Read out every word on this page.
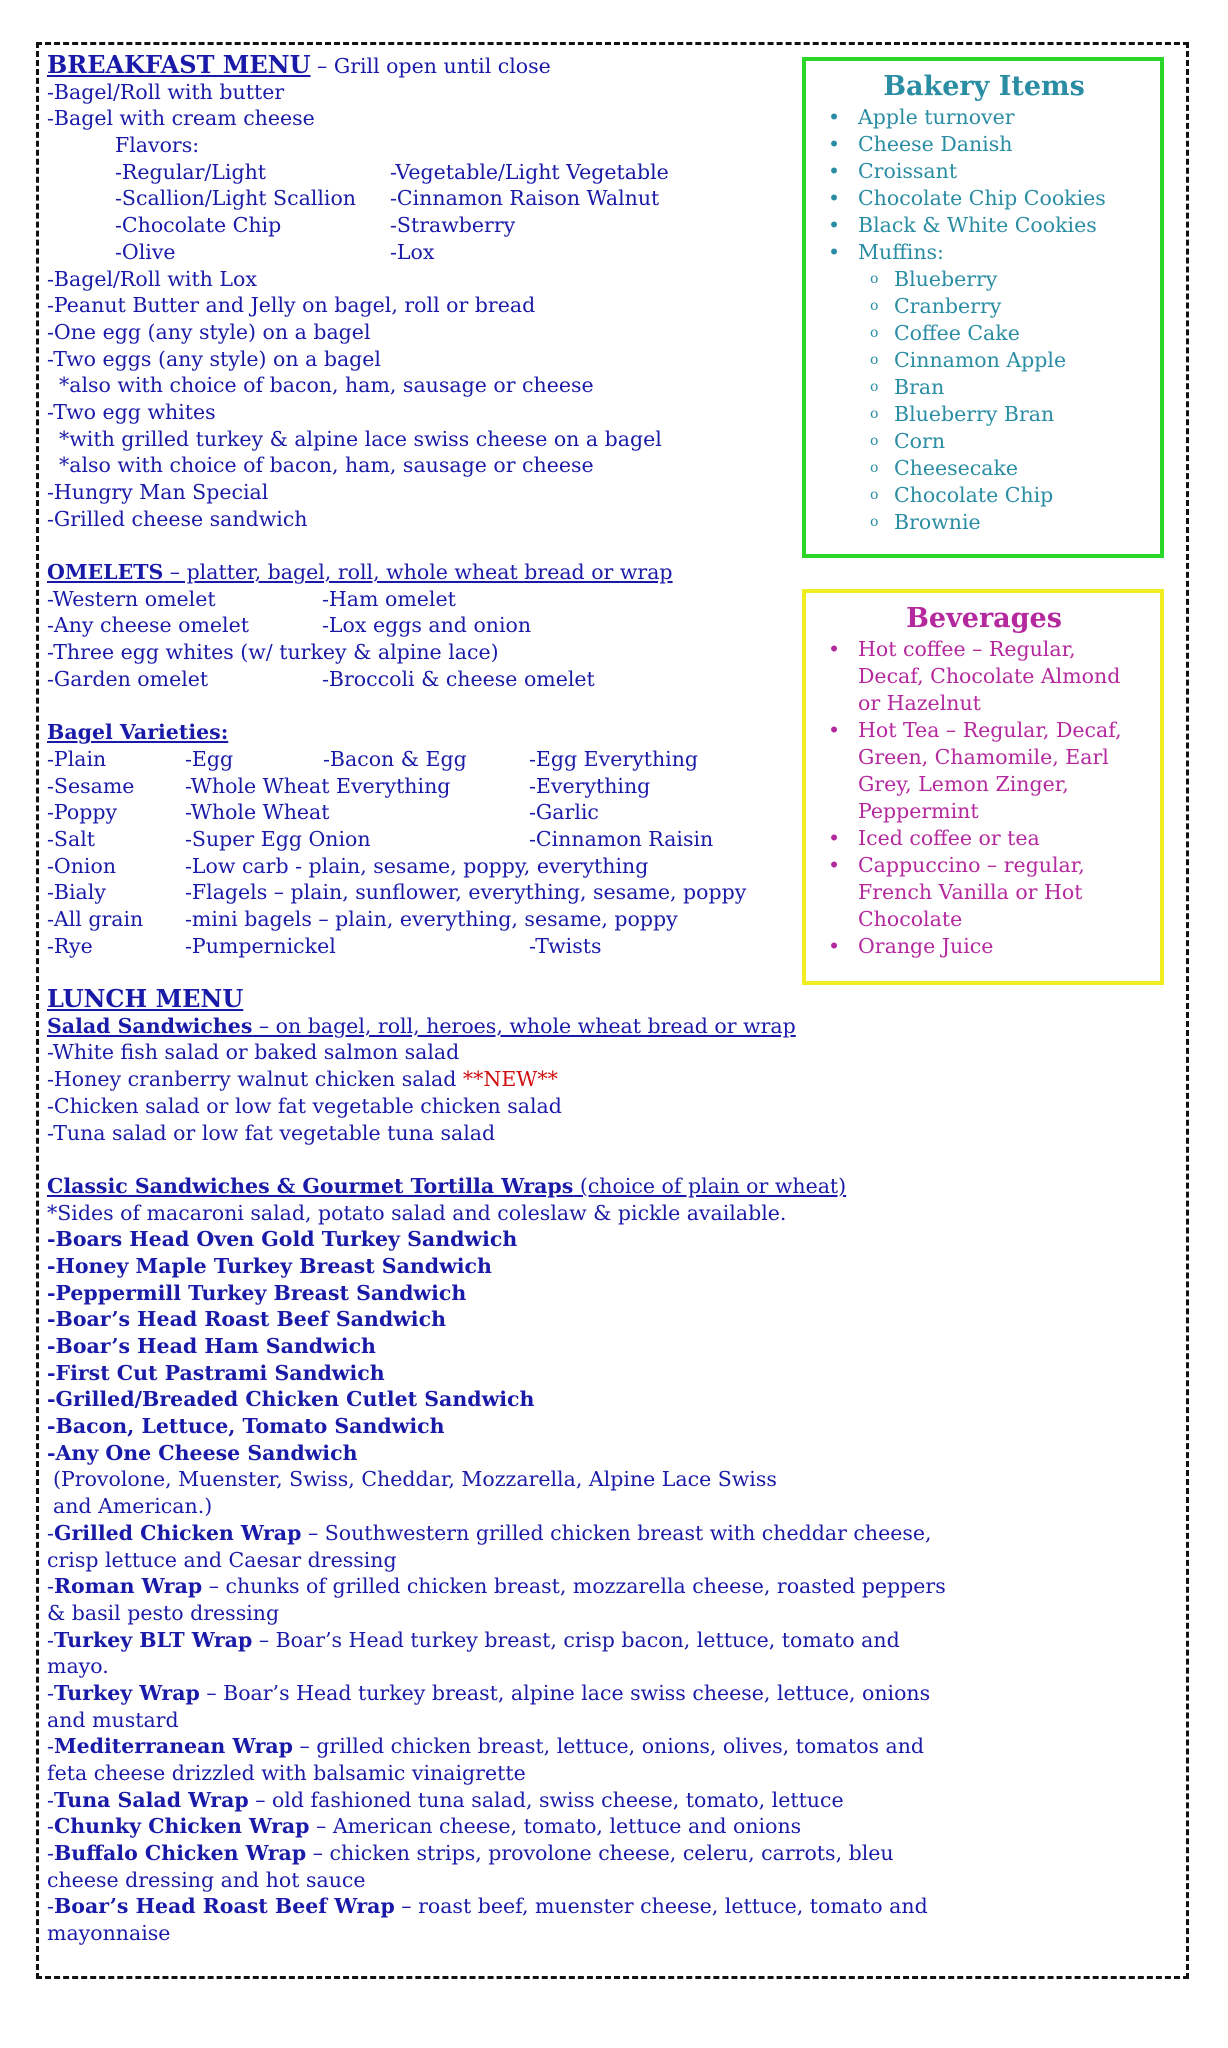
BREAKFAST MENU – Grill open until close
-Bagel/Roll with butter
-Bagel with cream cheese
Flavors:
-Regular/Light	-Vegetable/Light Vegetable
-Scallion/Light Scallion	-Cinnamon Raison Walnut
-Chocolate Chip	-Strawberry
-Olive	-Lox
-Bagel/Roll with Lox
-Peanut Butter and Jelly on bagel, roll or bread
-One egg (any style) on a bagel
-Two eggs (any style) on a bagel
*also with choice of bacon, ham, sausage or cheese
-Two egg whites
*with grilled turkey & alpine lace swiss cheese on a bagel
*also with choice of bacon, ham, sausage or cheese
-Hungry Man Special
-Grilled cheese sandwich
OMELETS – platter, bagel, roll, whole wheat bread or wrap
-Western omelet	-Ham omelet
-Any cheese omelet	-Lox eggs and onion
-Three egg whites (w/ turkey & alpine lace)
-Garden omelet	-Broccoli & cheese omelet
Bagel Varieties:
-Plain	-Egg	-Bacon & Egg	-Egg Everything
-Sesame	-Whole Wheat Everything	-Everything
-Poppy	-Whole Wheat	-Garlic
-Salt	-Super Egg Onion	-Cinnamon Raisin
-Onion	-Low carb - plain, sesame, poppy, everything
-Bialy	-Flagels – plain, sunflower, everything, sesame, poppy
-All grain	-mini bagels – plain, everything, sesame, poppy
-Rye	-Pumpernickel	-Twists
LUNCH MENU
Salad Sandwiches – on bagel, roll, heroes, whole wheat bread or wrap
-White fish salad or baked salmon salad
-Honey cranberry walnut chicken salad **NEW**
-Chicken salad or low fat vegetable chicken salad
-Tuna salad or low fat vegetable tuna salad
Classic Sandwiches & Gourmet Tortilla Wraps (choice of plain or wheat)
*Sides of macaroni salad, potato salad and coleslaw & pickle available.
-Boars Head Oven Gold Turkey Sandwich
-Honey Maple Turkey Breast Sandwich
-Peppermill Turkey Breast Sandwich
-Boar’s Head Roast Beef Sandwich
-Boar’s Head Ham Sandwich
-First Cut Pastrami Sandwich
-Grilled/Breaded Chicken Cutlet Sandwich
-Bacon, Lettuce, Tomato Sandwich
-Any One Cheese Sandwich
(Provolone, Muenster, Swiss, Cheddar, Mozzarella, Alpine Lace Swiss
and American.)
-Grilled Chicken Wrap – Southwestern grilled chicken breast with cheddar cheese,
crisp lettuce and Caesar dressing
-Roman Wrap – chunks of grilled chicken breast, mozzarella cheese, roasted peppers
& basil pesto dressing
-Turkey BLT Wrap – Boar’s Head turkey breast, crisp bacon, lettuce, tomato and
mayo.
-Turkey Wrap – Boar’s Head turkey breast, alpine lace swiss cheese, lettuce, onions
and mustard
-Mediterranean Wrap – grilled chicken breast, lettuce, onions, olives, tomatos and
feta cheese drizzled with balsamic vinaigrette
-Tuna Salad Wrap – old fashioned tuna salad, swiss cheese, tomato, lettuce
-Chunky Chicken Wrap – American cheese, tomato, lettuce and onions
-Buffalo Chicken Wrap – chicken strips, provolone cheese, celeru, carrots, bleu
cheese dressing and hot sauce
-Boar’s Head Roast Beef Wrap – roast beef, muenster cheese, lettuce, tomato and
mayonnaise
Bakery Items
• Apple turnover
• Cheese Danish
• Croissant
• Chocolate Chip Cookies
• Black & White Cookies
• Muffins:
o Blueberry
o Cranberry
o Coffee Cake
o Cinnamon Apple
o Bran
o Blueberry Bran
o Corn
o Cheesecake
o Chocolate Chip
o Brownie
Beverages
• Hot coffee – Regular, Decaf, Chocolate Almond or Hazelnut
• Hot Tea – Regular, Decaf, Green, Chamomile, Earl Grey, Lemon Zinger, Peppermint
• Iced coffee or tea
• Cappuccino – regular, French Vanilla or Hot Chocolate
• Orange Juice
